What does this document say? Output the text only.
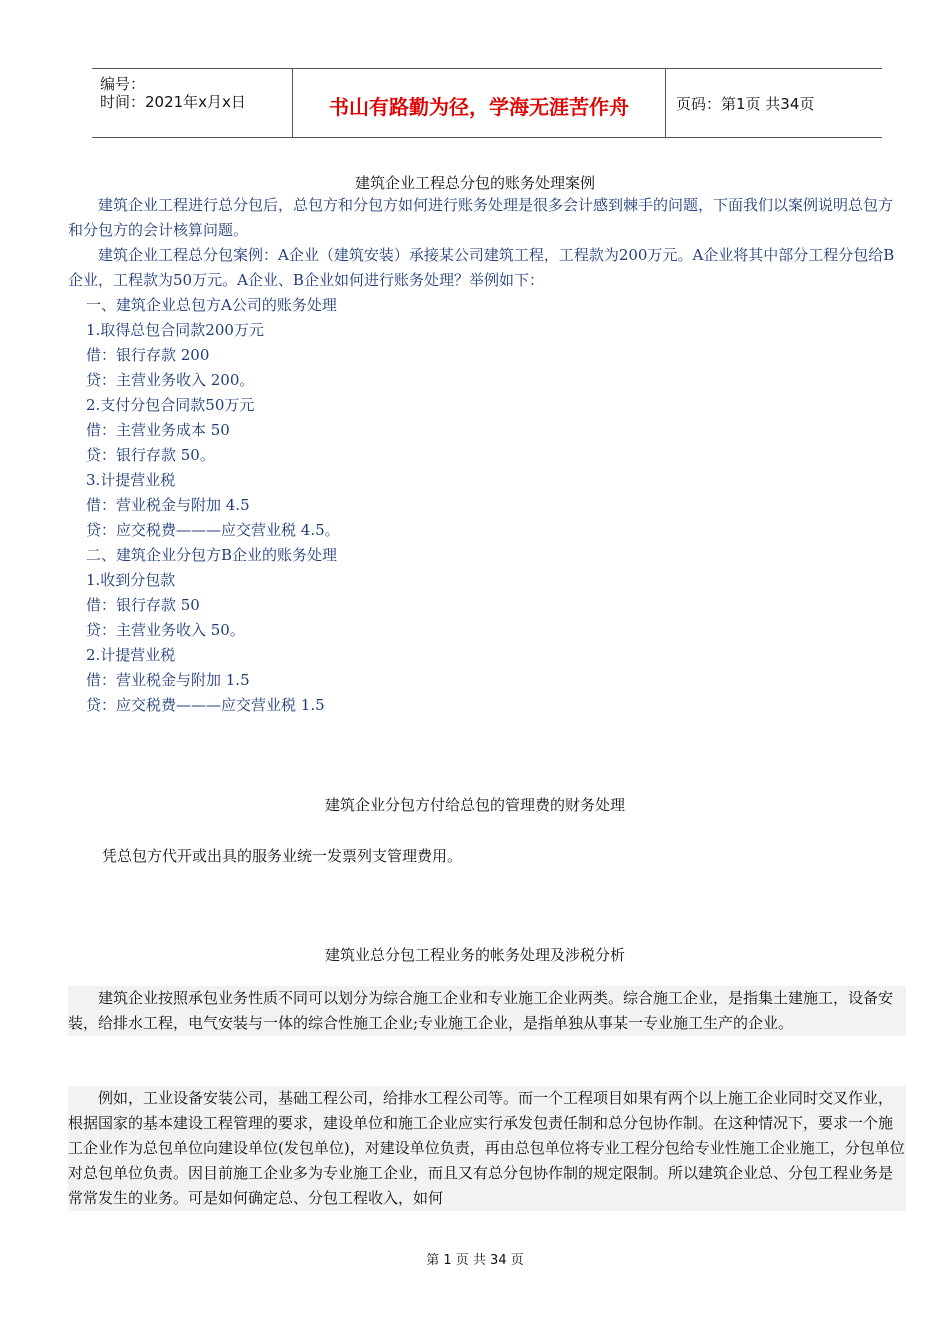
编号：
时间：2021年x月x日	书山有路勤为径，学海无涯苦作舟	页码：第1页 共34页
建筑企业工程总分包的账务处理案例
建筑企业工程进行总分包后，总包方和分包方如何进行账务处理是很多会计感到棘手的问题，下面我们以案例说明总包方和分包方的会计核算问题。
建筑企业工程总分包案例：A企业（建筑安装）承接某公司建筑工程，工程款为200万元。A企业将其中部分工程分包给B企业，工程款为50万元。A企业、B企业如何进行账务处理？举例如下：
一、建筑企业总包方A公司的账务处理
1.取得总包合同款200万元
借：银行存款 200
贷：主营业务收入 200。
2.支付分包合同款50万元
借：主营业务成本 50
贷：银行存款 50。
3.计提营业税
借：营业税金与附加 4.5
贷：应交税费———应交营业税 4.5。
二、建筑企业分包方B企业的账务处理
1.收到分包款
借：银行存款 50
贷：主营业务收入 50。
2.计提营业税
借：营业税金与附加 1.5
贷：应交税费———应交营业税 1.5
建筑企业分包方付给总包的管理费的财务处理
凭总包方代开或出具的服务业统一发票列支管理费用。
建筑业总分包工程业务的帐务处理及涉税分析
建筑企业按照承包业务性质不同可以划分为综合施工企业和专业施工企业两类。综合施工企业，是指集土建施工，设备安装，给排水工程，电气安装与一体的综合性施工企业;专业施工企业，是指单独从事某一专业施工生产的企业。
例如，工业设备安装公司，基础工程公司，给排水工程公司等。而一个工程项目如果有两个以上施工企业同时交叉作业，根据国家的基本建设工程管理的要求，建设单位和施工企业应实行承发包责任制和总分包协作制。在这种情况下，要求一个施工企业作为总包单位向建设单位(发包单位)，对建设单位负责，再由总包单位将专业工程分包给专业性施工企业施工，分包单位对总包单位负责。因目前施工企业多为专业施工企业，而且又有总分包协作制的规定限制。所以建筑企业总、分包工程业务是常常发生的业务。可是如何确定总、分包工程收入，如何
第 1 页 共 34 页
